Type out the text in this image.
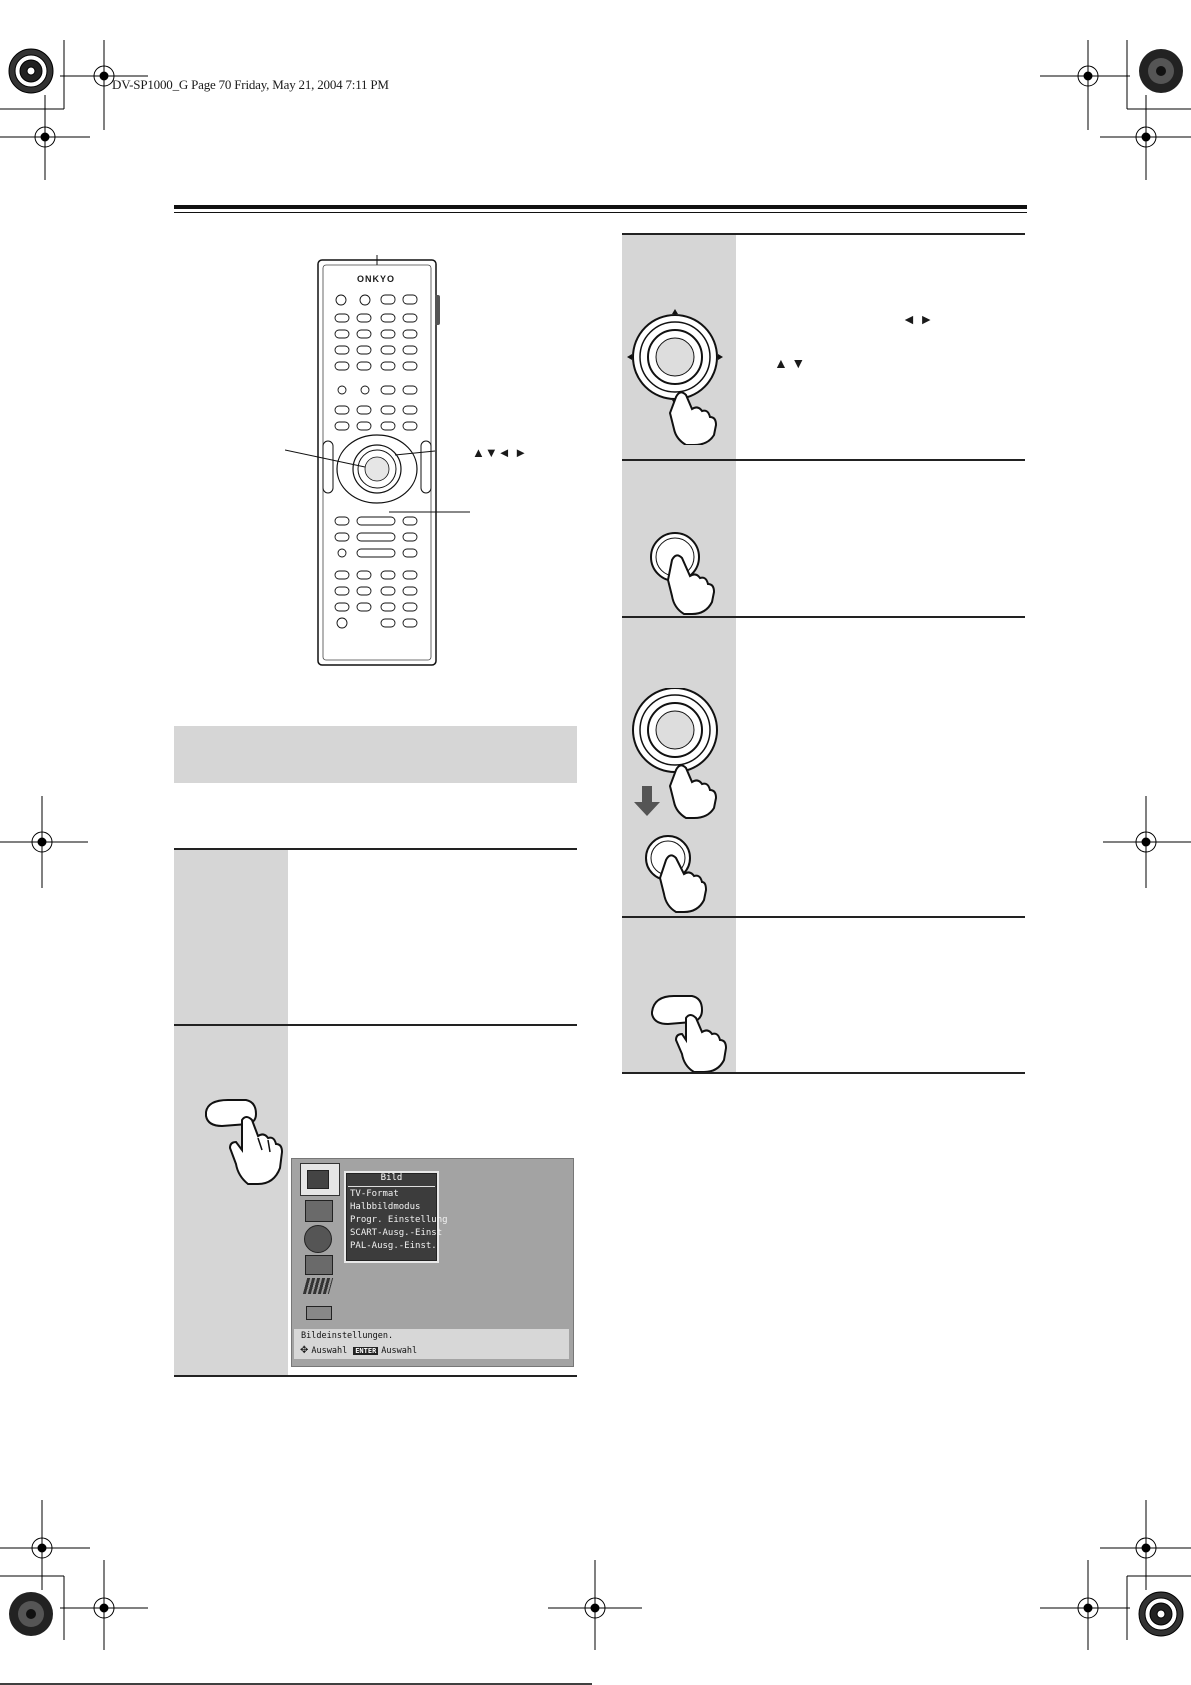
DV-SP1000_G Page 70 Friday, May 21, 2004 7:11 PM
ONKYO
▲▼◄ ►
Bild
TV-Format
Halbbildmodus
Progr. Einstellung
SCART-Ausg.-Einst
PAL-Ausg.-Einst.
Bildeinstellungen.
✥ Auswahl ENTER Auswahl
◄ ►
▲ ▼
